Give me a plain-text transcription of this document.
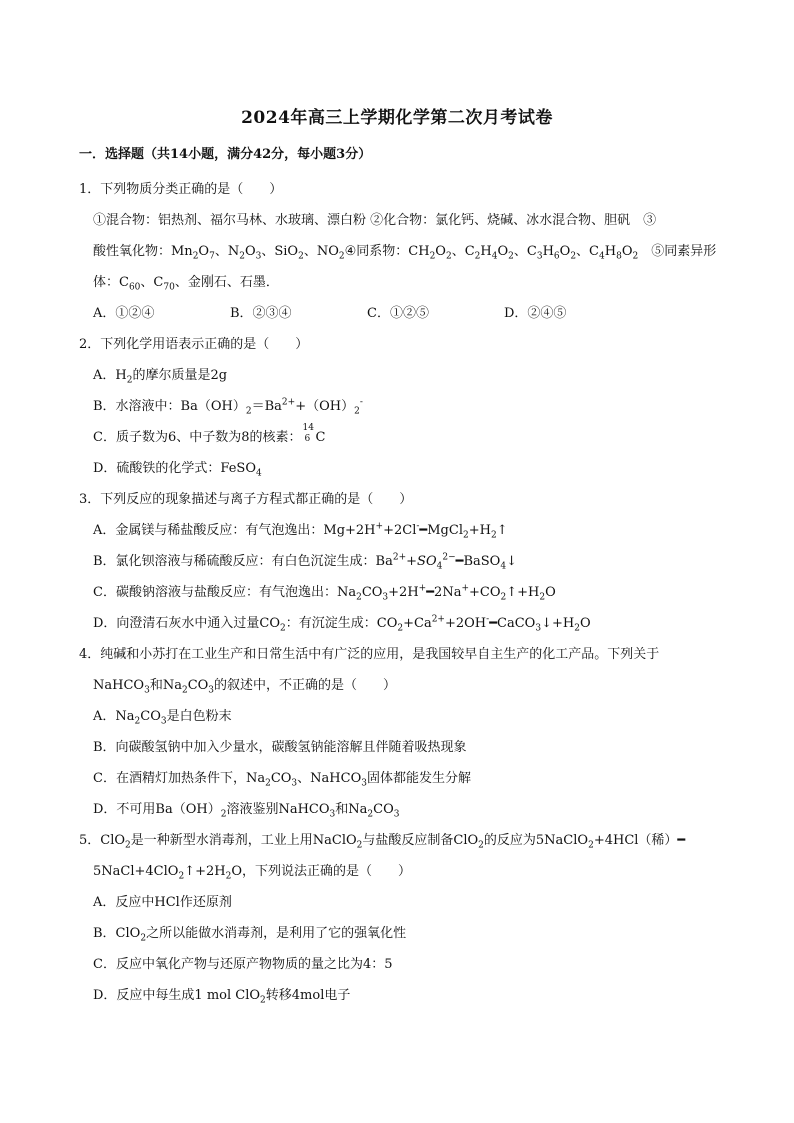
2024年高三上学期化学第二次月考试卷
一．选择题（共14小题，满分42分，每小题3分）
1．下列物质分类正确的是（　　）
①混合物：铝热剂、福尔马林、水玻璃、漂白粉 ②化合物：氯化钙、烧碱、冰水混合物、胆矾　③
酸性氧化物：$Mn_2O_7$、$N_2O_3$、SiO$_2$、$NO_2④$同系物：$CH_2O_2$、$C_2H_4O_2$、$C_3H_6O_2$、$C_4H_8O_2$　⑤同素异形
体：$C_{60}$、$C_{70}$、金刚石、石墨．
A．①②④	B．②③④	C．①②⑤	D．②④⑤
2．下列化学用语表示正确的是（　　）
A．$H_2$的摩尔质量是2g
B．水溶液中：$Ba(OH)_2=Ba^{2+}+(OH)_2^-$
C．质子数为6、中子数为8的核素：
14
6 C
D．硫酸铁的化学式：FeSO$_4$
3．下列反应的现象描述与离子方程式都正确的是（　　）
A．金属镁与稀盐酸反应：有气泡逸出：$Mg+2H^++2Cl^-━MgCl_2+H_2↑$
B．氯化钡溶液与稀硫酸反应：有白色沉淀生成：$Ba^{2+}+SO_4^{2-}━BaSO_4↓$
C．碳酸钠溶液与盐酸反应：有气泡逸出：$Na_2CO_3+2H^+━2Na^++CO_2↑+H_2O$
D．向澄清石灰水中通入过量$CO_2$：有沉淀生成：$CO_2+Ca^{2+}+2OH^-━CaCO_3↓+H_2O$
4．纯碱和小苏打在工业生产和日常生活中有广泛的应用，是我国较早自主生产的化工产品。下列关于
NaHCO$_3$和$Na_2CO_3$的叙述中，不正确的是（　　）
A．$Na_2CO_3$是白色粉末
B．向碳酸氢钠中加入少量水，碳酸氢钠能溶解且伴随着吸热现象
C．在酒精灯加热条件下，$Na_2CO_3$、NaHCO$_3$固体都能发生分解
D．不可用$Ba(OH)_2$溶液鉴别NaHCO$_3$和$Na_2CO_3$
5．ClO$_2$是一种新型水消毒剂，工业上用NaClO$_2$与盐酸反应制备ClO$_2$的反应为5NaClO$_2$+4HCl（稀）━
$5NaCl+4ClO_2↑+2H_2O$，下列说法正确的是（　　）
A．反应中HCl作还原剂
B．ClO$_2$之所以能做水消毒剂，是利用了它的强氧化性
C．反应中氧化产物与还原产物物质的量之比为4：5
D．反应中每生成1 mol ClO$_2$转移4mol电子
